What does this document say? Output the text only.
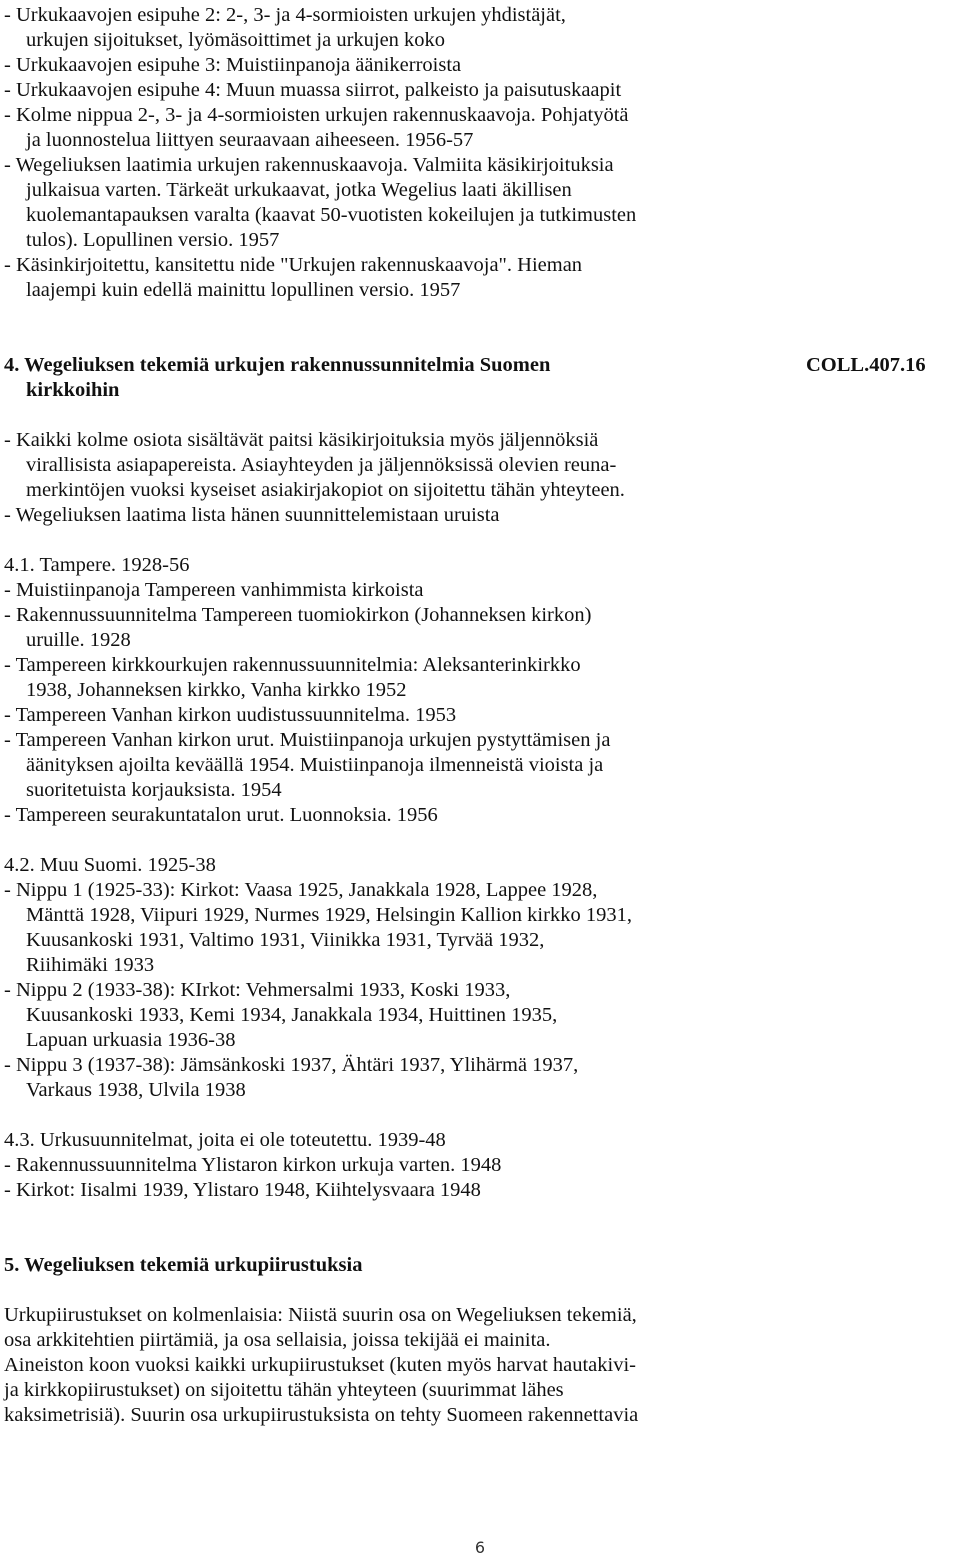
- Urkukaavojen esipuhe 2: 2-, 3- ja 4-sormioisten urkujen yhdistäjät,
urkujen sijoitukset, lyömäsoittimet ja urkujen koko
- Urkukaavojen esipuhe 3: Muistiinpanoja äänikerroista
- Urkukaavojen esipuhe 4: Muun muassa siirrot, palkeisto ja paisutuskaapit
- Kolme nippua 2-, 3- ja 4-sormioisten urkujen rakennuskaavoja. Pohjatyötä
ja luonnostelua liittyen seuraavaan aiheeseen. 1956-57
- Wegeliuksen laatimia urkujen rakennuskaavoja. Valmiita käsikirjoituksia
julkaisua varten. Tärkeät urkukaavat, jotka Wegelius laati äkillisen
kuolemantapauksen varalta (kaavat 50-vuotisten kokeilujen ja tutkimusten
tulos). Lopullinen versio. 1957
- Käsinkirjoitettu, kansitettu nide "Urkujen rakennuskaavoja". Hieman
laajempi kuin edellä mainittu lopullinen versio. 1957
4. Wegeliuksen tekemiä urkujen rakennussunnitelmia Suomen
kirkkoihin
COLL.407.16
- Kaikki kolme osiota sisältävät paitsi käsikirjoituksia myös jäljennöksiä
virallisista asiapapereista. Asiayhteyden ja jäljennöksissä olevien reuna-
merkintöjen vuoksi kyseiset asiakirjakopiot on sijoitettu tähän yhteyteen.
- Wegeliuksen laatima lista hänen suunnittelemistaan uruista
4.1. Tampere. 1928-56
- Muistiinpanoja Tampereen vanhimmista kirkoista
- Rakennussuunnitelma Tampereen tuomiokirkon (Johanneksen kirkon)
uruille. 1928
- Tampereen kirkkourkujen rakennussuunnitelmia: Aleksanterinkirkko
1938, Johanneksen kirkko, Vanha kirkko 1952
- Tampereen Vanhan kirkon uudistussuunnitelma. 1953
- Tampereen Vanhan kirkon urut. Muistiinpanoja urkujen pystyttämisen ja
äänityksen ajoilta keväällä 1954. Muistiinpanoja ilmenneistä vioista ja
suoritetuista korjauksista. 1954
- Tampereen seurakuntatalon urut. Luonnoksia. 1956
4.2. Muu Suomi. 1925-38
- Nippu 1 (1925-33): Kirkot: Vaasa 1925, Janakkala 1928, Lappee 1928,
Mänttä 1928, Viipuri 1929, Nurmes 1929, Helsingin Kallion kirkko 1931,
Kuusankoski 1931, Valtimo 1931, Viinikka 1931, Tyrvää 1932,
Riihimäki 1933
- Nippu 2 (1933-38): KIrkot: Vehmersalmi 1933, Koski 1933,
Kuusankoski 1933, Kemi 1934, Janakkala 1934, Huittinen 1935,
Lapuan urkuasia 1936-38
- Nippu 3 (1937-38): Jämsänkoski 1937, Ähtäri 1937, Ylihärmä 1937,
Varkaus 1938, Ulvila 1938
4.3. Urkusuunnitelmat, joita ei ole toteutettu. 1939-48
- Rakennussuunnitelma Ylistaron kirkon urkuja varten. 1948
- Kirkot: Iisalmi 1939, Ylistaro 1948, Kiihtelysvaara 1948
5. Wegeliuksen tekemiä urkupiirustuksia
Urkupiirustukset on kolmenlaisia: Niistä suurin osa on Wegeliuksen tekemiä,
osa arkkitehtien piirtämiä, ja osa sellaisia, joissa tekijää ei mainita.
Aineiston koon vuoksi kaikki urkupiirustukset (kuten myös harvat hautakivi-
ja kirkkopiirustukset) on sijoitettu tähän yhteyteen (suurimmat lähes
kaksimetrisiä). Suurin osa urkupiirustuksista on tehty Suomeen rakennettavia
6
